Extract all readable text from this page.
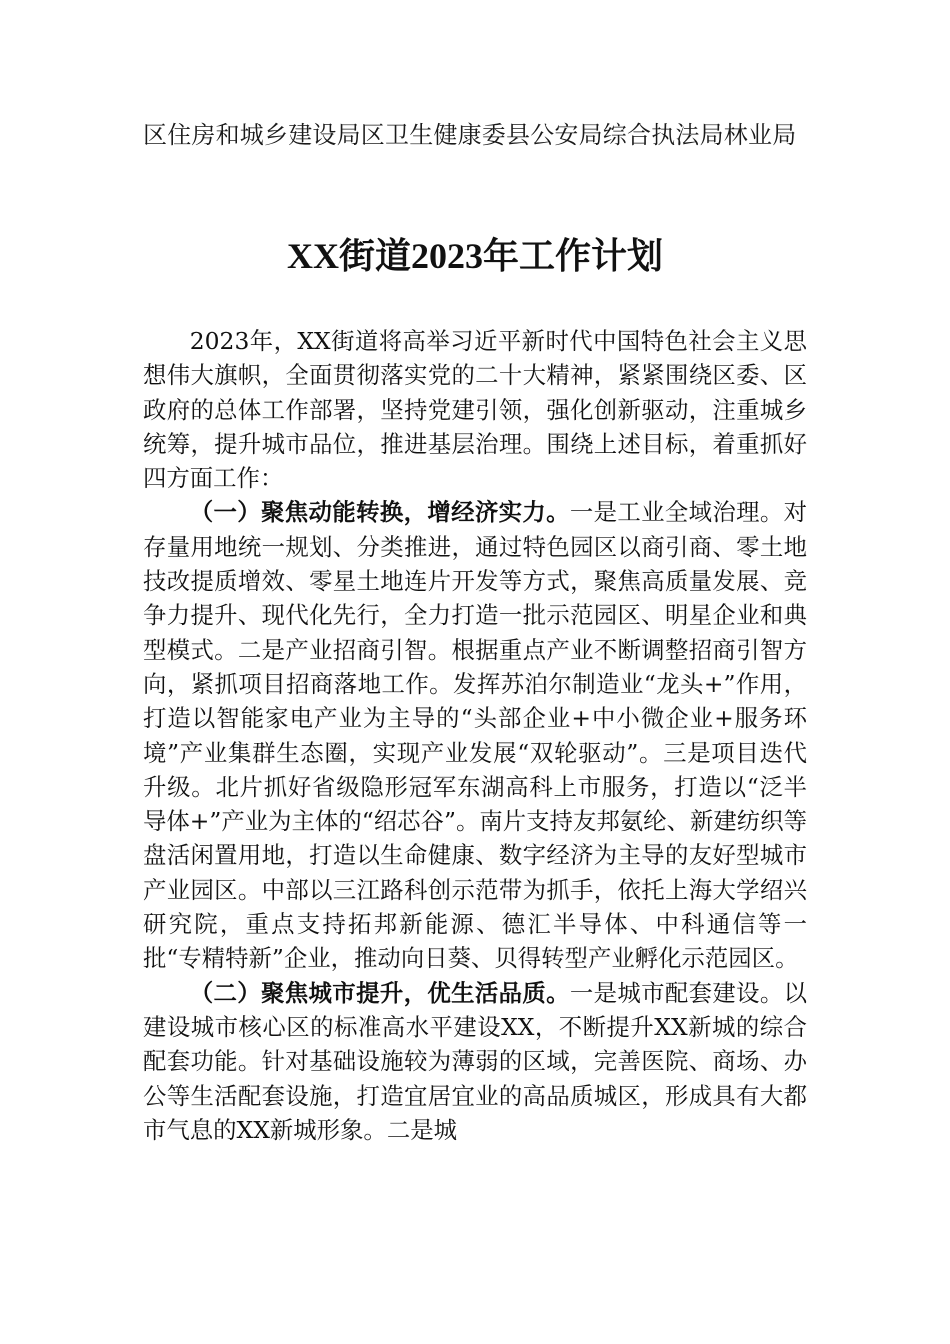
区住房和城乡建设局区卫生健康委县公安局综合执法局林业局
XX街道2023年工作计划

2023年，XX街道将高举习近平新时代中国特色社会主义思想伟大旗帜，全面贯彻落实党的二十大精神，紧紧围绕区委、区政府的总体工作部署，坚持党建引领，强化创新驱动，注重城乡统筹，提升城市品位，推进基层治理。围绕上述目标，着重抓好四方面工作：

（一）聚焦动能转换，增经济实力。一是工业全域治理。对存量用地统一规划、分类推进，通过特色园区以商引商、零土地技改提质增效、零星土地连片开发等方式，聚焦高质量发展、竞争力提升、现代化先行，全力打造一批示范园区、明星企业和典型模式。二是产业招商引智。根据重点产业不断调整招商引智方向，紧抓项目招商落地工作。发挥苏泊尔制造业“龙头+”作用，打造以智能家电产业为主导的“头部企业+中小微企业+服务环境”产业集群生态圈，实现产业发展“双轮驱动”。三是项目迭代升级。北片抓好省级隐形冠军东湖高科上市服务，打造以“泛半导体+”产业为主体的“绍芯谷”。南片支持友邦氨纶、新建纺织等盘活闲置用地，打造以生命健康、数字经济为主导的友好型城市产业园区。中部以三江路科创示范带为抓手，依托上海大学绍兴研究院，重点支持拓邦新能源、德汇半导体、中科通信等一批“专精特新”企业，推动向日葵、贝得转型产业孵化示范园区。

（二）聚焦城市提升，优生活品质。一是城市配套建设。以建设城市核心区的标准高水平建设XX，不断提升XX新城的综合配套功能。针对基础设施较为薄弱的区域，完善医院、商场、办公等生活配套设施，打造宜居宜业的高品质城区，形成具有大都市气息的XX新城形象。二是城
